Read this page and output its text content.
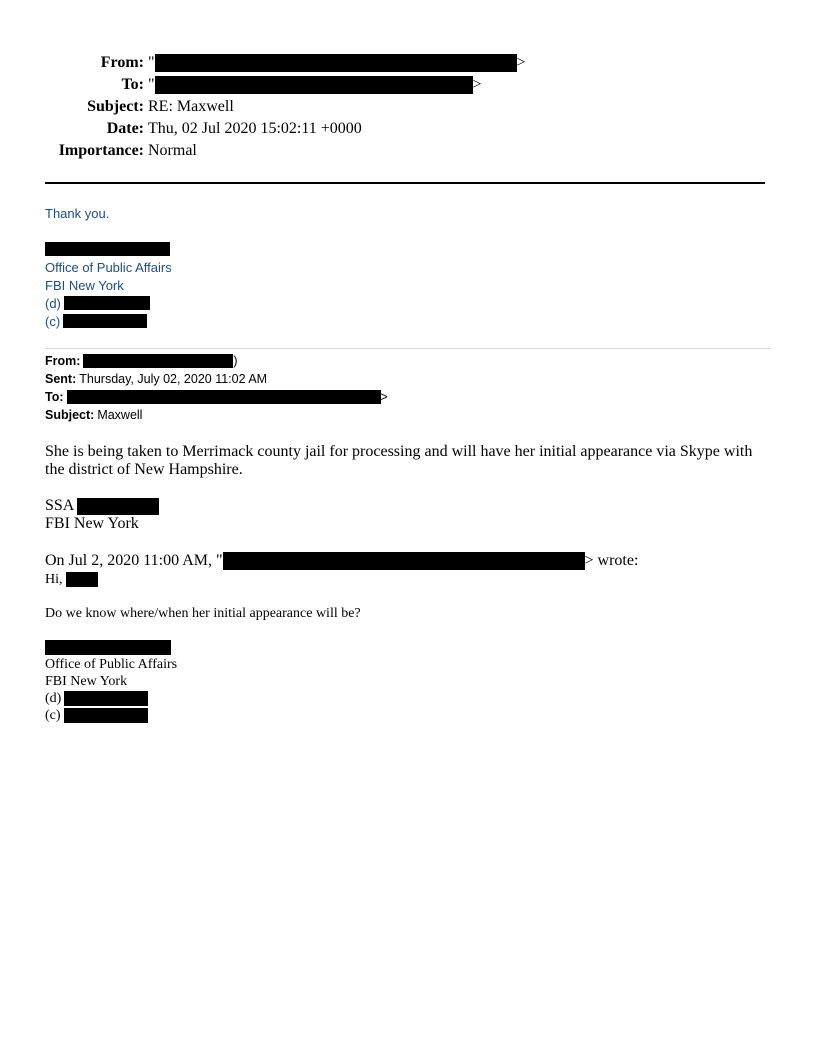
From: "	>
To: "	>
Subject: RE: Maxwell
Date: Thu, 02 Jul 2020 15:02:11 +0000
Importance: Normal
Thank you.
Office of Public Affairs
FBI New York
(d)
(c)
From:	)
Sent: Thursday, July 02, 2020 11:02 AM
To:	>
Subject: Maxwell

She is being taken to Merrimack county jail for processing and will have her initial appearance via Skype with the district of New Hampshire.

SSA
FBI New York
On Jul 2, 2020 11:00 AM, "	> wrote:
Hi,
Do we know where/when her initial appearance will be?
Office of Public Affairs
FBI New York
(d)
(c)
